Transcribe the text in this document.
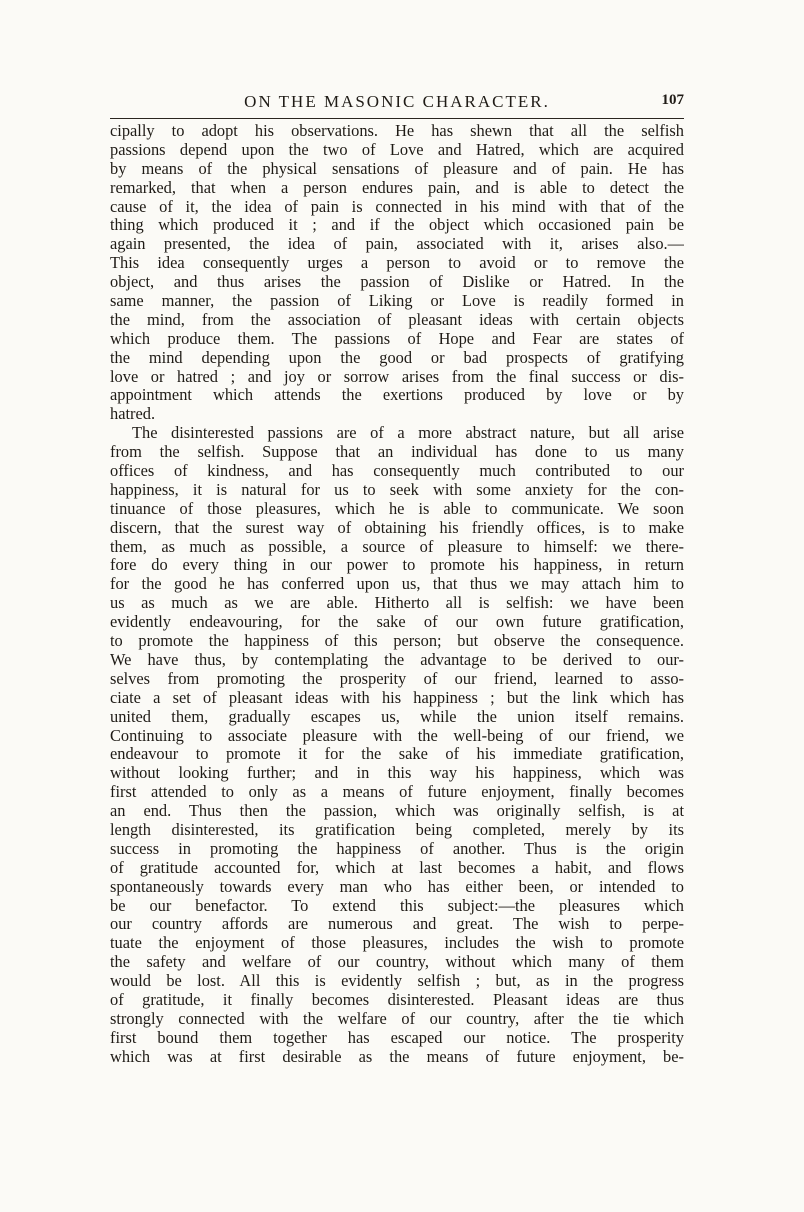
ON THE MASONIC CHARACTER.	107
cipally to adopt his observations. He has shewn that all the selfish
passions depend upon the two of Love and Hatred, which are acquired
by means of the physical sensations of pleasure and of pain. He has
remarked, that when a person endures pain, and is able to detect the
cause of it, the idea of pain is connected in his mind with that of the
thing which produced it ; and if the object which occasioned pain be
again presented, the idea of pain, associated with it, arises also.—
This idea consequently urges a person to avoid or to remove the
object, and thus arises the passion of Dislike or Hatred. In the
same manner, the passion of Liking or Love is readily formed in
the mind, from the association of pleasant ideas with certain objects
which produce them. The passions of Hope and Fear are states of
the mind depending upon the good or bad prospects of gratifying
love or hatred ; and joy or sorrow arises from the final success or dis-
appointment which attends the exertions produced by love or by
hatred.
The disinterested passions are of a more abstract nature, but all arise
from the selfish. Suppose that an individual has done to us many
offices of kindness, and has consequently much contributed to our
happiness, it is natural for us to seek with some anxiety for the con-
tinuance of those pleasures, which he is able to communicate. We soon
discern, that the surest way of obtaining his friendly offices, is to make
them, as much as possible, a source of pleasure to himself: we there-
fore do every thing in our power to promote his happiness, in return
for the good he has conferred upon us, that thus we may attach him to
us as much as we are able. Hitherto all is selfish: we have been
evidently endeavouring, for the sake of our own future gratification,
to promote the happiness of this person; but observe the consequence.
We have thus, by contemplating the advantage to be derived to our-
selves from promoting the prosperity of our friend, learned to asso-
ciate a set of pleasant ideas with his happiness ; but the link which has
united them, gradually escapes us, while the union itself remains.
Continuing to associate pleasure with the well-being of our friend, we
endeavour to promote it for the sake of his immediate gratification,
without looking further; and in this way his happiness, which was
first attended to only as a means of future enjoyment, finally becomes
an end. Thus then the passion, which was originally selfish, is at
length disinterested, its gratification being completed, merely by its
success in promoting the happiness of another. Thus is the origin
of gratitude accounted for, which at last becomes a habit, and flows
spontaneously towards every man who has either been, or intended to
be our benefactor. To extend this subject:—the pleasures which
our country affords are numerous and great. The wish to perpe-
tuate the enjoyment of those pleasures, includes the wish to promote
the safety and welfare of our country, without which many of them
would be lost. All this is evidently selfish ; but, as in the progress
of gratitude, it finally becomes disinterested. Pleasant ideas are thus
strongly connected with the welfare of our country, after the tie which
first bound them together has escaped our notice. The prosperity
which was at first desirable as the means of future enjoyment, be-
